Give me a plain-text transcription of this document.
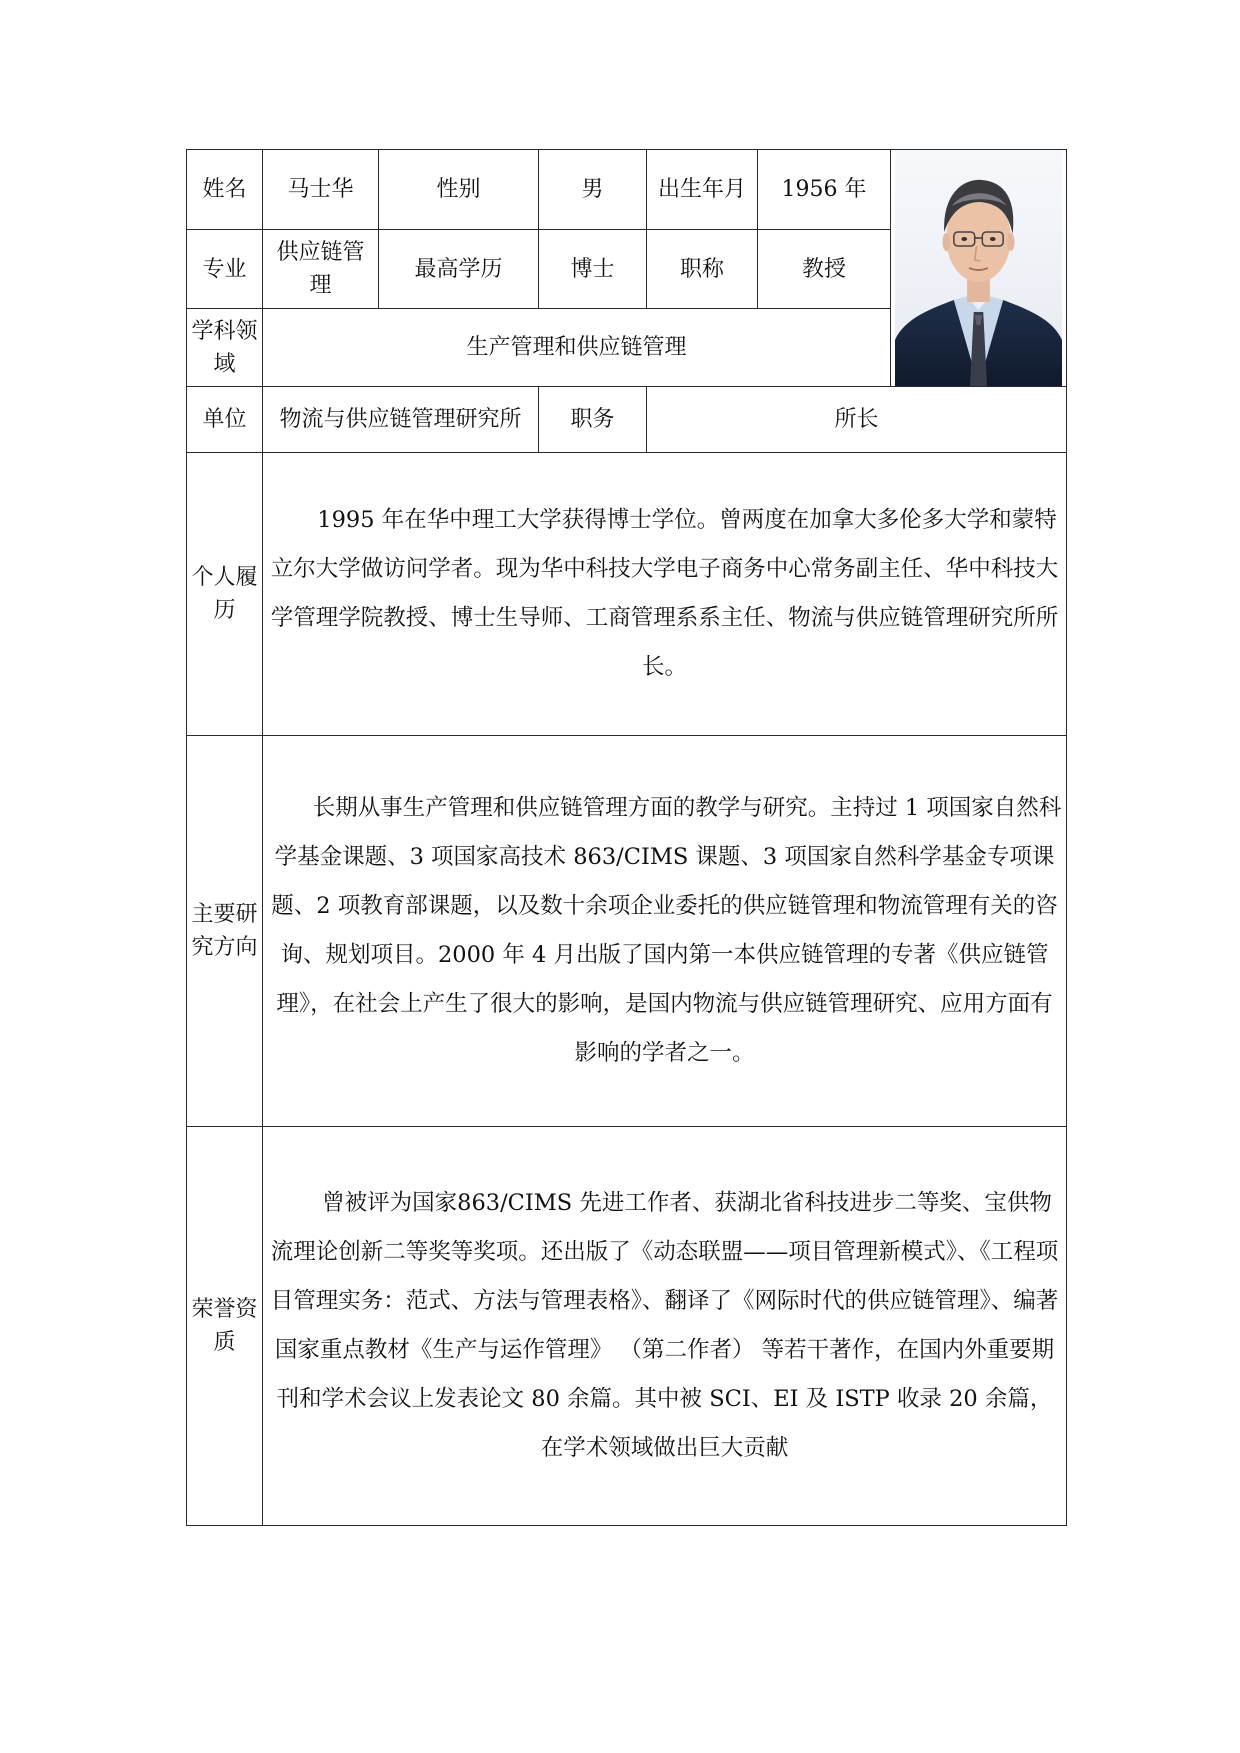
姓名	马士华	性别	男	出生年月	1956 年	

专业	供应链管理	最高学历	博士	职称	教授	
学科领域	生产管理和供应链管理					
单位	物流与供应链管理研究所		职务	所长		
个人履历	1995 年在华中理工大学获得博士学位。曾两度在加拿大多伦多大学和蒙特立尔大学做访问学者。现为华中科技大学电子商务中心常务副主任、华中科技大学管理学院教授、博士生导师、工商管理系系主任、物流与供应链管理研究所所长。					

主要研究方向	长期从事生产管理和供应链管理方面的教学与研究。主持过 1 项国家自然科学基金课题、3 项国家高技术 863/CIMS 课题、3 项国家自然科学基金专项课题、2 项教育部课题，以及数十余项企业委托的供应链管理和物流管理有关的咨询、规划项目。2000 年 4 月出版了国内第一本供应链管理的专著《供应链管理》，在社会上产生了很大的影响，是国内物流与供应链管理研究、应用方面有影响的学者之一。					

荣誉资质	曾被评为国家863/CIMS 先进工作者、获湖北省科技进步二等奖、宝供物流理论创新二等奖等奖项。还出版了《动态联盟——项目管理新模式》、《工程项目管理实务：范式、方法与管理表格》、翻译了《网际时代的供应链管理》、编著国家重点教材《生产与运作管理》 （第二作者） 等若干著作，在国内外重要期刊和学术会议上发表论文 80 余篇。其中被 SCI、EI 及 ISTP 收录 20 余篇，在学术领域做出巨大贡献					
